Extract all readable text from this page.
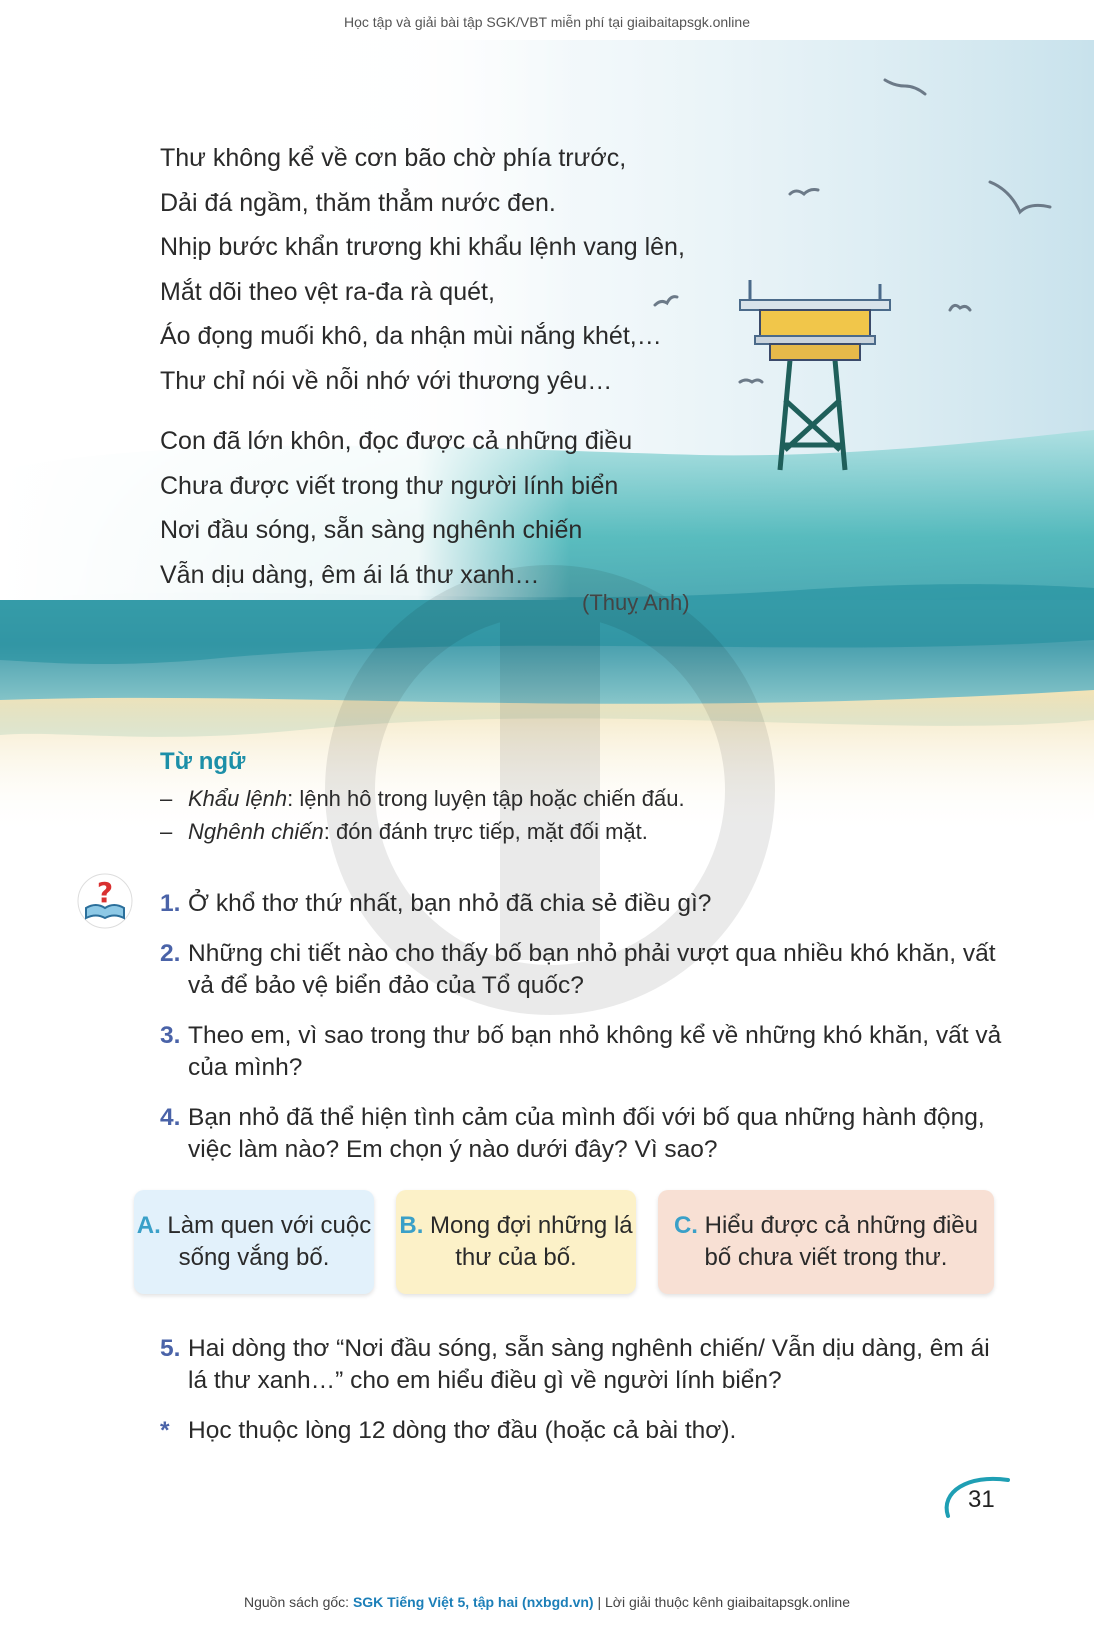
Học tập và giải bài tập SGK/VBT miễn phí tại giaibaitapsgk.online
Thư không kể về cơn bão chờ phía trước,
Dải đá ngầm, thăm thẳm nước đen.
Nhịp bước khẩn trương khi khẩu lệnh vang lên,
Mắt dõi theo vệt ra-đa rà quét,
Áo đọng muối khô, da nhận mùi nắng khét,…
Thư chỉ nói về nỗi nhớ với thương yêu…
Con đã lớn khôn, đọc được cả những điều
Chưa được viết trong thư người lính biển
Nơi đầu sóng, sẵn sàng nghênh chiến
Vẫn dịu dàng, êm ái lá thư xanh…
(Thuỵ Anh)
Từ ngữ
– Khẩu lệnh: lệnh hô trong luyện tập hoặc chiến đấu.
– Nghênh chiến: đón đánh trực tiếp, mặt đối mặt.
? 1. Ở khổ thơ thứ nhất, bạn nhỏ đã chia sẻ điều gì?
2. Những chi tiết nào cho thấy bố bạn nhỏ phải vượt qua nhiều khó khăn, vất vả để bảo vệ biển đảo của Tổ quốc?
3. Theo em, vì sao trong thư bố bạn nhỏ không kể về những khó khăn, vất vả của mình?
4. Bạn nhỏ đã thể hiện tình cảm của mình đối với bố qua những hành động, việc làm nào? Em chọn ý nào dưới đây? Vì sao?
A. Làm quen với cuộc sống vắng bố.
B. Mong đợi những lá thư của bố.
C. Hiểu được cả những điều bố chưa viết trong thư.
5. Hai dòng thơ “Nơi đầu sóng, sẵn sàng nghênh chiến/ Vẫn dịu dàng, êm ái lá thư xanh…” cho em hiểu điều gì về người lính biển?
* Học thuộc lòng 12 dòng thơ đầu (hoặc cả bài thơ).
31
Nguồn sách gốc: SGK Tiếng Việt 5, tập hai (nxbgd.vn) | Lời giải thuộc kênh giaibaitapsgk.online
